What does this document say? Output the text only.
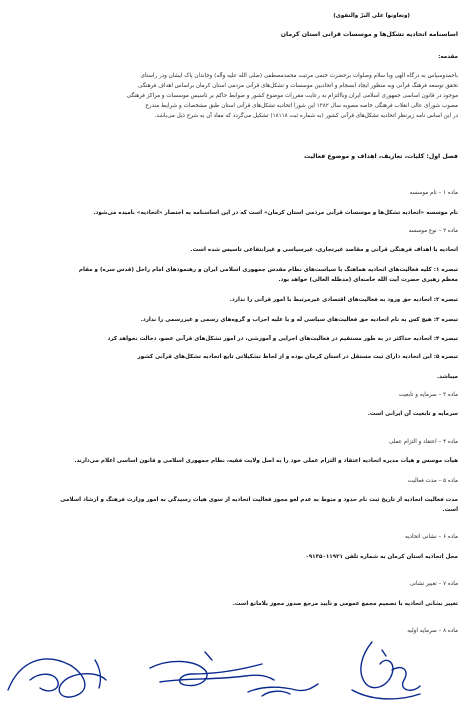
(وتعاونوا علی البرّ والتقوی)
اساسنامه اتحادیه تشکل‌ها و موسسات قرآنی استان کرمان
مقدمه:
باحمدوسپاس به درگاه الهی وبا سلام وصلوات برحضرت ختمی مرتبت محمدمصطفی (صلی الله علیه وآله) وخاندان پاک ایشان ودر راستای
تحقق توسعه فرهنگ قرآنی وبه منظور ایجاد انسجام و اتحادبین موسسات و تشکل‌های قرآنی مردمی استان کرمان براساس اهداف فرهنگی
موجود در قانون اساسی جمهوری اسلامی ایران وباالتزام به رعایت مقررات موضوع کشور و ضوابط حاکم بر تاسیس موسسات و مراکز فرهنگی
مصوب شورای عالی انقلاب فرهنگی خاصه مصوبه سال ۱۳۸۲ این شورا اتحادیه تشکل‌های قرآنی استان طبق مشخصات و شرایط مندرج
در این اساس نامه زیرنظر اتحادیه تشکل‌های قرآنی کشور (به شماره ثبت ۱۸۱۱۸) تشکیل می‌گردد که مفاد آن به شرح ذیل می‌باشد.
فصل اول: کلیات، تعاریف، اهداف و موضوع فعالیت
ماده ۱ – نام موسسه
نام موسسه «اتحادیه تشکل‌ها و موسسات قرآنی مردمی استان کرمان» است که در این اساسنامه به اختصار «اتحادیه» نامیده می‌شود.
ماده ۲ – نوع موسسه
اتحادیه با اهداف فرهنگی قرآنی و مقاصد غیرتجاری، غیرسیاسی و غیرانتفاعی تاسیس شده است.
تبصره ۱: کلیه فعالیت‌های اتحادیه هماهنگ با سیاست‌های نظام مقدس جمهوری اسلامی ایران و رهنمودهای امام راحل (قدس سره) و مقام
معظم رهبری حضرت آیت الله خامنه‌ای (مدظله العالی) خواهد بود.
تبصره ۲: اتحادیه حق ورود به فعالیت‌های اقتصادی غیرمرتبط با امور قرآنی را ندارد.
تبصره ۳: هیچ کس به نام اتحادیه حق فعالیت‌های سیاسی له و یا علیه احزاب و گروه‌های رسمی و غیررسمی را ندارد.
تبصره ۴: اتحادیه حداکثر در به طور مستقیم در فعالیت‌های اجرایی و آموزشی، در امور تشکل‌های قرآنی عضو، دخالت نخواهد کرد
تبصره ۵: این اتحادیه دارای ثبت مستقل در استان کرمان بوده و از لحاظ تشکیلاتی تابع اتحادیه تشکل‌های قرآنی کشور
میباشد.
ماده ۳ – سرمایه و تابعیت
سرمایه و تابعیت آن ایرانی است.
ماده ۴ – اعتقاد و التزام عملی
هیأت موسس و هیأت مدیره اتحادیه اعتقاد و التزام عملی خود را به اصل ولایت فقیه، نظام جمهوری اسلامی و قانون اساسی اعلام می‌دارند.
ماده ۵ – مدت فعالیت
مدت فعالیت اتحادیه از تاریخ ثبت نام حدود و منوط به عدم لغو مجوز فعالیت اتحادیه از سوی هیأت رسیدگی به امور وزارت فرهنگ و ارشاد اسلامی
است.
ماده ۶ – نشانی اتحادیه
محل اتحادیه استان کرمان به شماره تلفن ۰۹۱۳۵۰۱۱۹۲۱
ماده ۷ – تغییر نشانی
تغییر نشانی اتحادیه با تصمیم مجمع عمومی و تأیید مرجع صدور مجوز بلامانع است.
ماده ۸ – سرمایه اولیه
